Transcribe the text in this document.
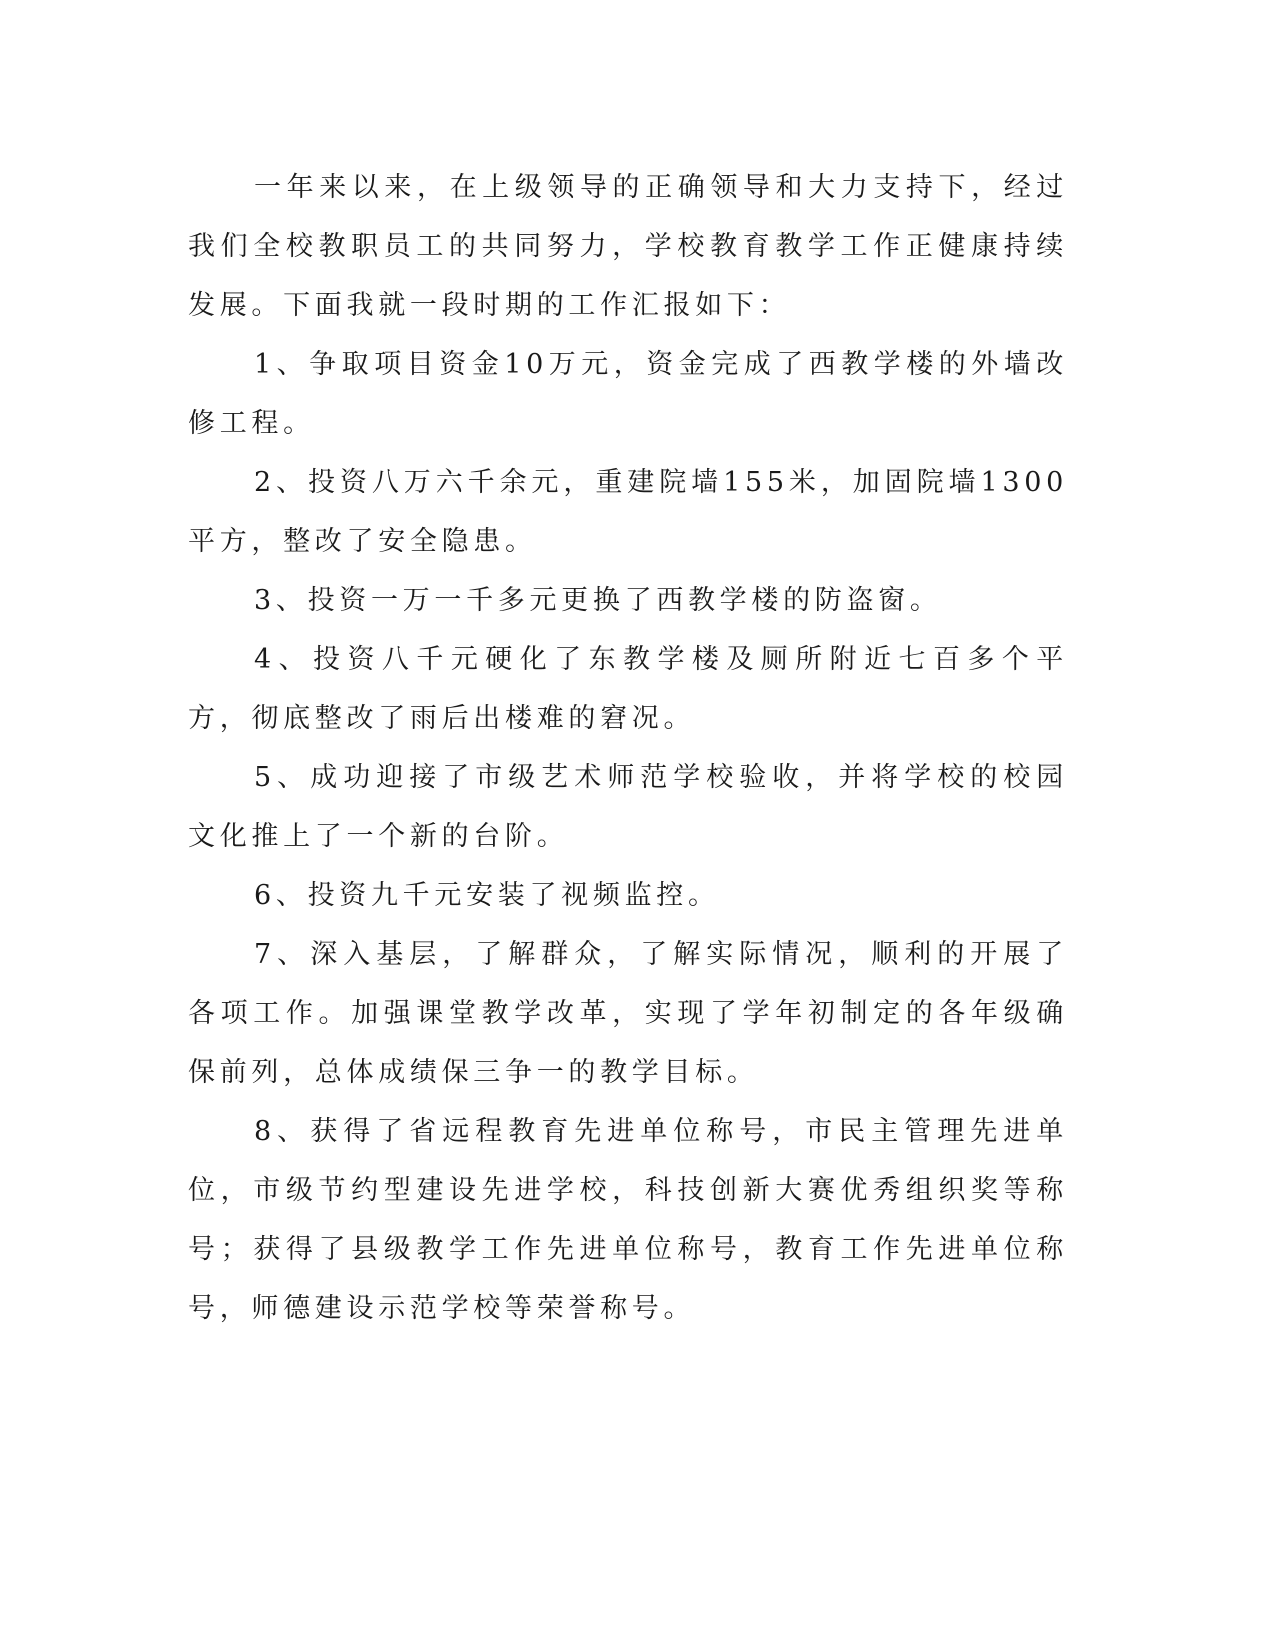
一年来以来，在上级领导的正确领导和大力支持下，经过我们全校教职员工的共同努力，学校教育教学工作正健康持续发展。下面我就一段时期的工作汇报如下：

1、争取项目资金10万元，资金完成了西教学楼的外墙改修工程。

2、投资八万六千余元，重建院墙155米，加固院墙1300平方，整改了安全隐患。

3、投资一万一千多元更换了西教学楼的防盗窗。

4、投资八千元硬化了东教学楼及厕所附近七百多个平方，彻底整改了雨后出楼难的窘况。

5、成功迎接了市级艺术师范学校验收，并将学校的校园文化推上了一个新的台阶。

6、投资九千元安装了视频监控。

7、深入基层，了解群众，了解实际情况，顺利的开展了各项工作。加强课堂教学改革，实现了学年初制定的各年级确保前列，总体成绩保三争一的教学目标。

8、获得了省远程教育先进单位称号，市民主管理先进单位，市级节约型建设先进学校，科技创新大赛优秀组织奖等称号；获得了县级教学工作先进单位称号，教育工作先进单位称号，师德建设示范学校等荣誉称号。
